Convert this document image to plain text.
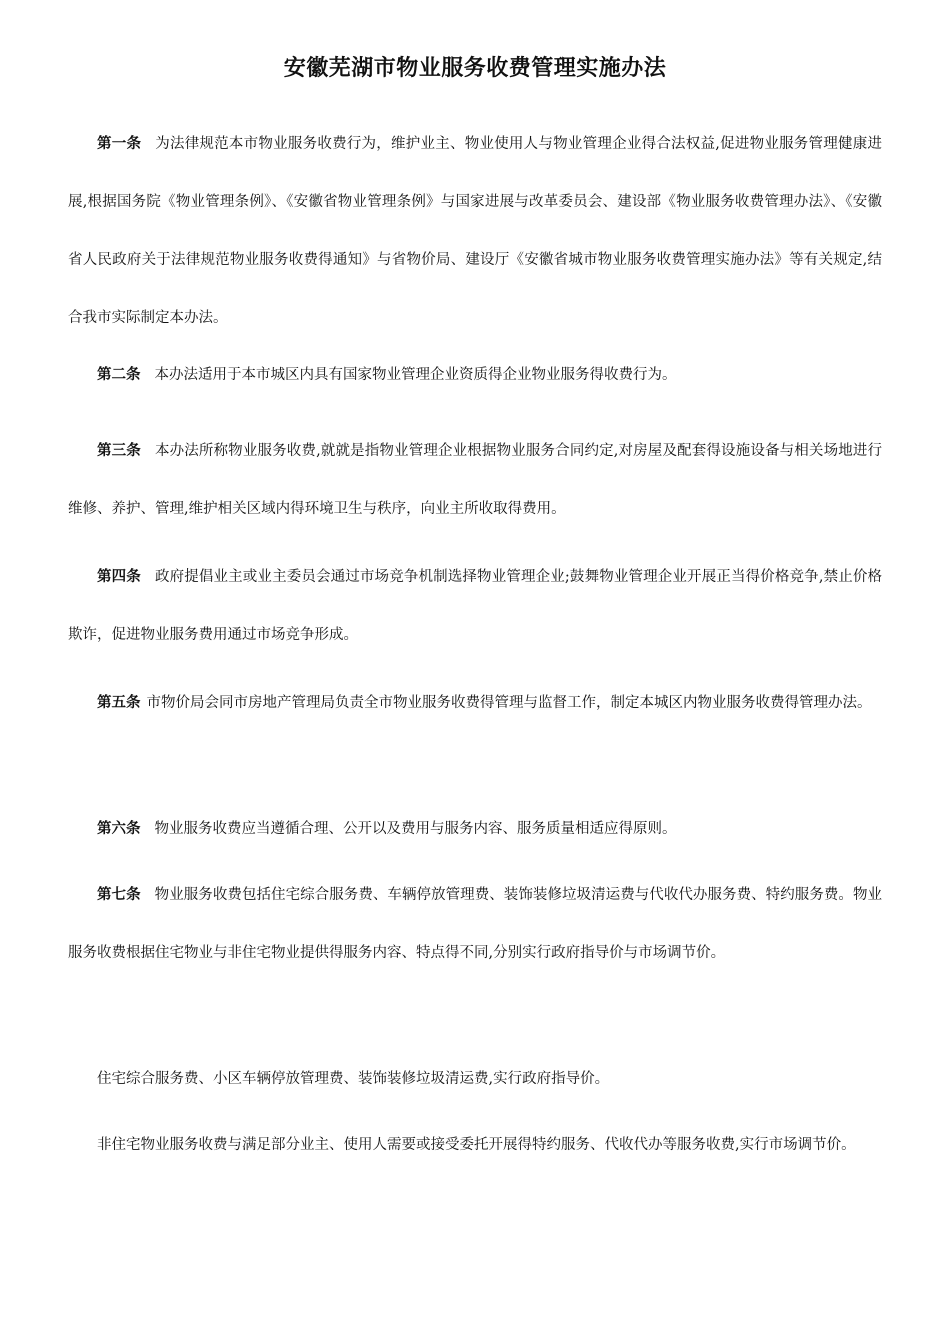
安徽芜湖市物业服务收费管理实施办法

第一条 为法律规范本市物业服务收费行为，维护业主、物业使用人与物业管理企业得合法权益,促进物业服务管理健康进展,根据国务院《物业管理条例》、《安徽省物业管理条例》与国家进展与改革委员会、建设部《物业服务收费管理办法》、《安徽省人民政府关于法律规范物业服务收费得通知》与省物价局、建设厅《安徽省城市物业服务收费管理实施办法》等有关规定,结合我市实际制定本办法。

第二条 本办法适用于本市城区内具有国家物业管理企业资质得企业物业服务得收费行为。

第三条 本办法所称物业服务收费,就就是指物业管理企业根据物业服务合同约定,对房屋及配套得设施设备与相关场地进行维修、养护、管理,维护相关区域内得环境卫生与秩序，向业主所收取得费用。

第四条 政府提倡业主或业主委员会通过市场竞争机制选择物业管理企业;鼓舞物业管理企业开展正当得价格竞争,禁止价格欺诈，促进物业服务费用通过市场竞争形成。

第五条 市物价局会同市房地产管理局负责全市物业服务收费得管理与监督工作，制定本城区内物业服务收费得管理办法。

第六条 物业服务收费应当遵循合理、公开以及费用与服务内容、服务质量相适应得原则。

第七条 物业服务收费包括住宅综合服务费、车辆停放管理费、装饰装修垃圾清运费与代收代办服务费、特约服务费。物业服务收费根据住宅物业与非住宅物业提供得服务内容、特点得不同,分别实行政府指导价与市场调节价。

住宅综合服务费、小区车辆停放管理费、装饰装修垃圾清运费,实行政府指导价。

非住宅物业服务收费与满足部分业主、使用人需要或接受委托开展得特约服务、代收代办等服务收费,实行市场调节价。
